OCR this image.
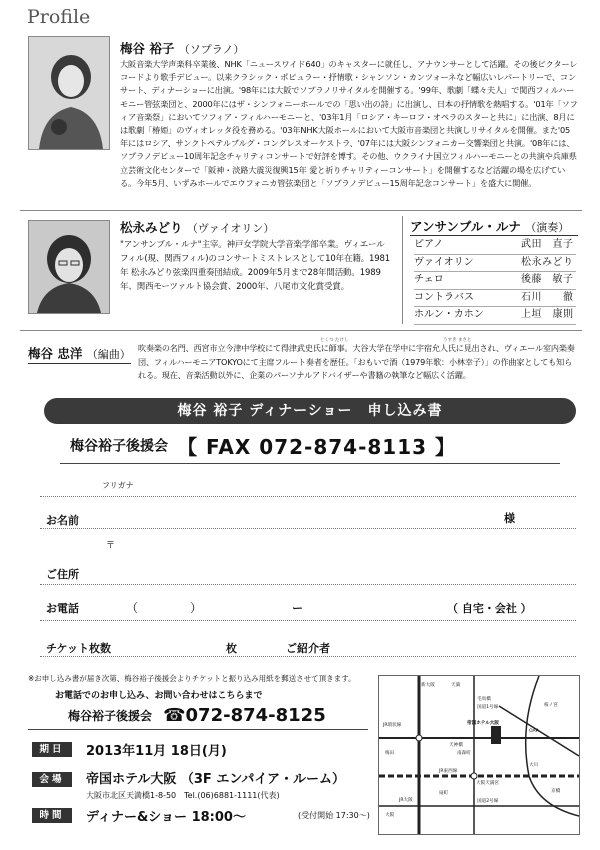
Profile
梅谷 裕子 （ソプラノ）
大阪音楽大学声楽科卒業後、NHK「ニュースワイド640」のキャスターに就任し、アナウンサーとして活躍。その後ビクターレコードより歌手デビュー。以来クラシック・ポピュラー・抒情歌・シャンソン・カンツォーネなど幅広いレパートリーで、コンサート、ディナーショーに出演。'98年には大阪でソプラノリサイタルを開催する。'99年、歌劇「蝶々夫人」で関西フィルハーモニー管弦楽団と、2000年にはザ・シンフォニーホールでの「思い出の詩」に出演し、日本の抒情歌を熱唱する。'01年「ソフィア音楽祭」においてソフィア・フィルハーモニーと、'03年1月「ロシア・キーロフ・オペラのスターと共に」に出演、8月には歌劇「椿姫」のヴィオレッタ役を務める。'03年NHK大阪ホールにおいて大阪市音楽団と共演しリサイタルを開催。また'05年にはロシア、サンクトペテルブルグ・コングレスオーケストラ、'07年には大阪シンフォニカー交響楽団と共演。'08年には、ソプラノデビュー10周年記念チャリティコンサートで好評を博す。その他、ウクライナ国立フィルハーモニーとの共演や兵庫県立芸術文化センターで「阪神・淡路大震災復興15年 愛と祈りチャリティーコンサート」を開催するなど活躍の場を広げている。今年5月、いずみホールでエウフォニカ管弦楽団と「ソプラノデビュー15周年記念コンサート」を盛大に開催。
松永みどり （ヴァイオリン）
"アンサンブル・ルナ"主宰。神戸女学院大学音楽学部卒業。ヴィエールフィル(現、関西フィル)のコンサートミストレスとして10年在籍。1981年 松永みどり弦楽四重奏団結成。2009年5月まで28年間活動。1989年、関西モーツァルト協会賞、2000年、八尾市文化賞受賞。
アンサンブル・ルナ （演奏）
ピアノ	武田　直子
ヴァイオリン	松永みどり
チェロ	後藤　敏子
コントラバス	石川　　徹
ホルン・カホン	上垣　康則
梅谷 忠洋 （編曲）
とくつ たけし	うすき まさと
吹奏楽の名門、西宮市立今津中学校にて得津武史氏に師事。大谷大学在学中に宇宿允人氏に見出され、ヴィエール室内楽奏団、フィルハーモニアTOKYOにて主席フルート奏者を歴任。「おもいで酒（1979年歌：小林幸子）」の作曲家としても知られる。現在、音楽活動以外に、企業のパーソナルアドバイザーや書籍の執筆など幅広く活躍。
梅谷 裕子 ディナーショー　申し込み書
梅谷裕子後援会 【 FAX 072-874-8113 】
フリガナ
お名前	様
〒
ご住所
お電話	（	）	ー	（ 自宅・会社 ）
チケット枚数	枚	ご紹介者
※お申し込み書が届き次第、梅谷裕子後援会よりチケットと振り込み用紙を郵送させて頂きます。
お電話でのお申し込み、お問い合わせはこちらまで
梅谷裕子後援会 ☎072-874-8125
期日	2013年11月 18日(月)
会場	帝国ホテル大阪 （3F エンパイア・ルーム）
大阪市北区天満橋1-8-50　Tel.(06)6881-1111(代表)
時間	ディナー&ショー 18:00〜	(受付開始 17:30〜)
天満
新大阪
桜ノ宮
毛馬橋
国道1号線
OAP
帝国ホテル大阪
JR東西線
大阪天満宮
天神橋
南森町
京橋
大川
扇町
JR大阪
梅田
大阪
JR環状線
国道2号線
